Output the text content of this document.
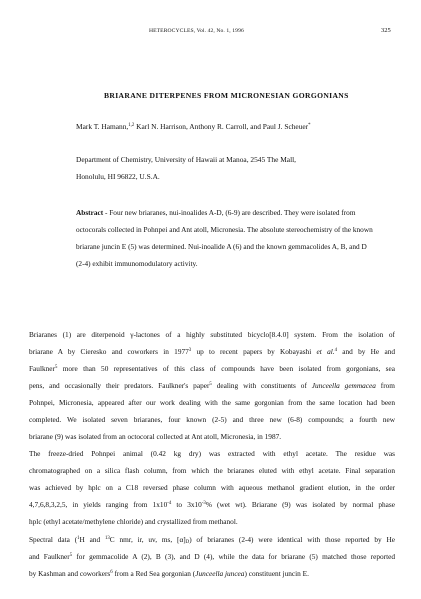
HETEROCYCLES, Vol. 42, No. 1, 1996	325
BRIARANE DITERPENES FROM MICRONESIAN GORGONIANS
Mark T. Hamann,$^{1,2}$ Karl N. Harrison, Anthony R. Carroll, and Paul J. Scheuer*
Department of Chemistry, University of Hawaii at Manoa, 2545 The Mall,
Honolulu, HI 96822, U.S.A.
Abstract - Four new briaranes, nui-inoalides A-D, (6-9) are described. They were isolated from octocorals collected in Pohnpei and Ant atoll, Micronesia. The absolute stereochemistry of the known briarane juncin E (5) was determined. Nui-inoalide A (6) and the known gemmacolides A, B, and D (2-4) exhibit immunomodulatory activity.
Briaranes (1) are diterpenoid γ-lactones of a highly substituted bicyclo[8.4.0] system. From the isolation of
briarane A by Cieresko and coworkers in 1977$^3$ up to recent papers by Kobayashi et al.$^4$ and by He and
Faulkner$^5$ more than 50 representatives of this class of compounds have been isolated from gorgonians, sea
pens, and occasionally their predators. Faulkner's paper$^5$ dealing with constituents of Junceella gemmacea from
Pohnpei, Micronesia, appeared after our work dealing with the same gorgonian from the same location had been
completed. We isolated seven briaranes, four known (2-5) and three new (6-8) compounds; a fourth new
briarane (9) was isolated from an octocoral collected at Ant atoll, Micronesia, in 1987.
The freeze-dried Pohnpei animal (0.42 kg dry) was extracted with ethyl acetate. The residue was
chromatographed on a silica flash column, from which the briaranes eluted with ethyl acetate. Final separation
was achieved by hplc on a C18 reversed phase column with aqueous methanol gradient elution, in the order
4,7,6,8,3,2,5, in yields ranging from $1x10^{-4}$ to $3x10^{-3}\%$ (wet wt). Briarane (9) was isolated by normal phase
hplc (ethyl acetate/methylene chloride) and crystallized from methanol.
Spectral data ($^1$H and $^{13}$C nmr, ir, uv, ms, $[\alpha]_D$) of briaranes (2-4) were identical with those reported by He
and Faulkner$^5$ for gemmacolide A (2), B (3), and D (4), while the data for briarane (5) matched those reported
by Kashman and coworkers$^6$ from a Red Sea gorgonian (Junceella juncea) constituent juncin E.
